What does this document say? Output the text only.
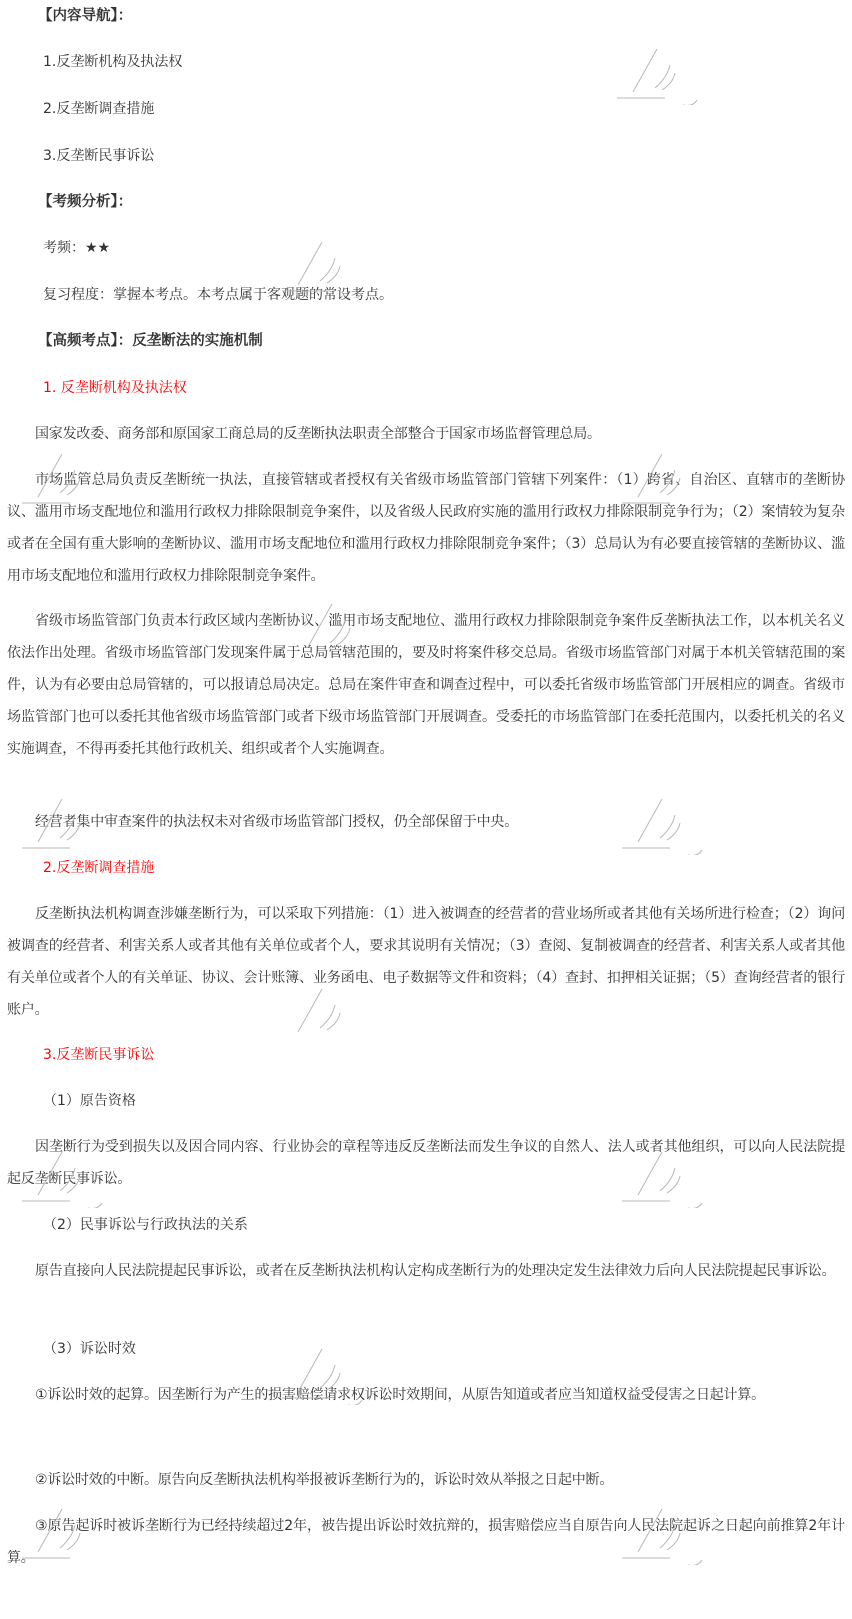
【内容导航】：
1.反垄断机构及执法权
2.反垄断调查措施
3.反垄断民事诉讼
【考频分析】：
考频：★★
复习程度：掌握本考点。本考点属于客观题的常设考点。
【高频考点】：反垄断法的实施机制
1. 反垄断机构及执法权
国家发改委、商务部和原国家工商总局的反垄断执法职责全部整合于国家市场监督管理总局。
市场监管总局负责反垄断统一执法，直接管辖或者授权有关省级市场监管部门管辖下列案件：（1）跨省、自治区、直辖市的垄断协议、滥用市场支配地位和滥用行政权力排除限制竞争案件，以及省级人民政府实施的滥用行政权力排除限制竞争行为；（2）案情较为复杂或者在全国有重大影响的垄断协议、滥用市场支配地位和滥用行政权力排除限制竞争案件；（3）总局认为有必要直接管辖的垄断协议、滥用市场支配地位和滥用行政权力排除限制竞争案件。
省级市场监管部门负责本行政区域内垄断协议、滥用市场支配地位、滥用行政权力排除限制竞争案件反垄断执法工作，以本机关名义依法作出处理。省级市场监管部门发现案件属于总局管辖范围的，要及时将案件移交总局。省级市场监管部门对属于本机关管辖范围的案件，认为有必要由总局管辖的，可以报请总局决定。总局在案件审查和调查过程中，可以委托省级市场监管部门开展相应的调查。省级市场监管部门也可以委托其他省级市场监管部门或者下级市场监管部门开展调查。受委托的市场监管部门在委托范围内，以委托机关的名义实施调查，不得再委托其他行政机关、组织或者个人实施调查。
经营者集中审查案件的执法权未对省级市场监管部门授权，仍全部保留于中央。
2.反垄断调查措施
反垄断执法机构调查涉嫌垄断行为，可以采取下列措施：（1）进入被调查的经营者的营业场所或者其他有关场所进行检查；（2）询问被调查的经营者、利害关系人或者其他有关单位或者个人，要求其说明有关情况；（3）查阅、复制被调查的经营者、利害关系人或者其他有关单位或者个人的有关单证、协议、会计账簿、业务函电、电子数据等文件和资料；（4）查封、扣押相关证据；（5）查询经营者的银行账户。
3.反垄断民事诉讼
（1）原告资格
因垄断行为受到损失以及因合同内容、行业协会的章程等违反反垄断法而发生争议的自然人、法人或者其他组织，可以向人民法院提起反垄断民事诉讼。
（2）民事诉讼与行政执法的关系
原告直接向人民法院提起民事诉讼，或者在反垄断执法机构认定构成垄断行为的处理决定发生法律效力后向人民法院提起民事诉讼。
（3）诉讼时效
①诉讼时效的起算。因垄断行为产生的损害赔偿请求权诉讼时效期间，从原告知道或者应当知道权益受侵害之日起计算。
②诉讼时效的中断。原告向反垄断执法机构举报被诉垄断行为的，诉讼时效从举报之日起中断。
③原告起诉时被诉垄断行为已经持续超过2年，被告提出诉讼时效抗辩的，损害赔偿应当自原告向人民法院起诉之日起向前推算2年计算。
